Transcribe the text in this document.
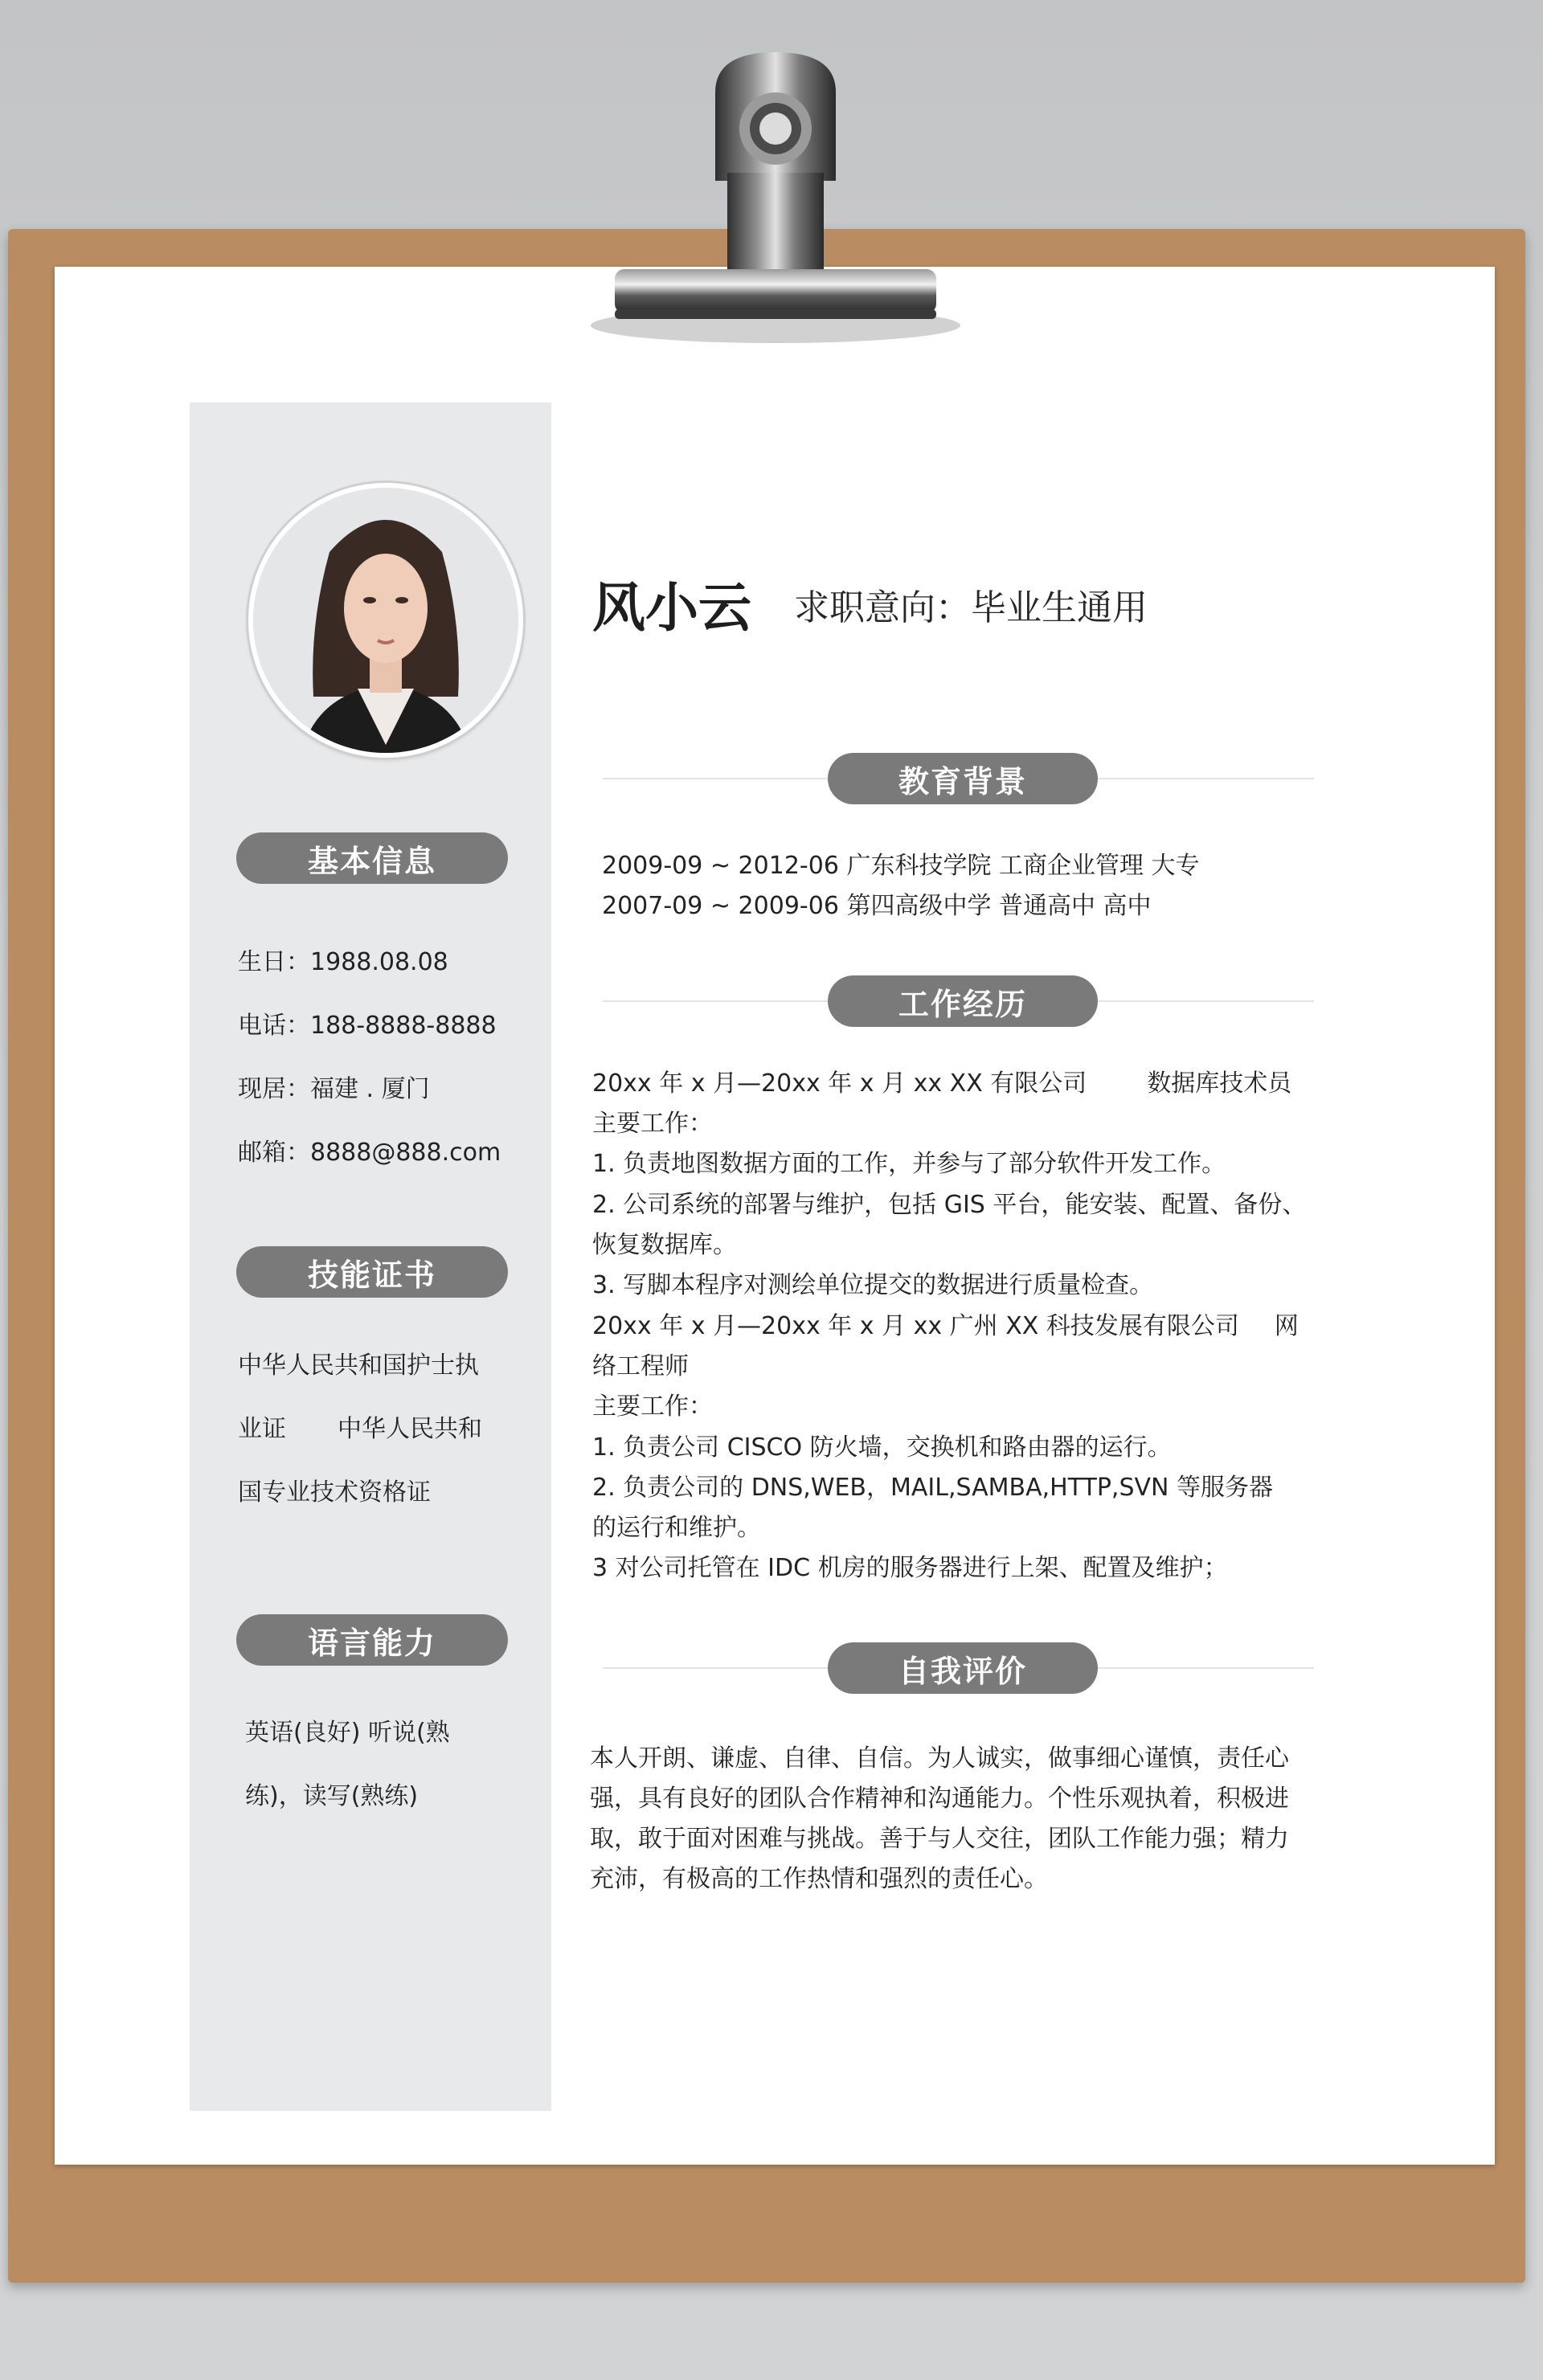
基本信息
生日：1988.08.08
电话：188-8888-8888
现居：福建 . 厦门
邮箱：8888@888.com
技能证书
中华人民共和国护士执
业证 中华人民共和
国专业技术资格证
语言能力
英语(良好) 听说(熟
练)，读写(熟练)
风小云 求职意向：毕业生通用
教育背景
2009-09 ~ 2012-06 广东科技学院 工商企业管理 大专
2007-09 ~ 2009-06 第四高级中学 普通高中 高中
工作经历
20xx 年 x 月—20xx 年 x 月 xx XX 有限公司	数据库技术员
主要工作：
1. 负责地图数据方面的工作，并参与了部分软件开发工作。
2. 公司系统的部署与维护，包括 GIS 平台，能安装、配置、备份、
恢复数据库。
3. 写脚本程序对测绘单位提交的数据进行质量检查。
20xx 年 x 月—20xx 年 x 月 xx 广州 XX 科技发展有限公司 网
络工程师
主要工作：
1. 负责公司 CISCO 防火墙，交换机和路由器的运行。
2. 负责公司的 DNS,WEB，MAIL,SAMBA,HTTP,SVN 等服务器
的运行和维护。
3 对公司托管在 IDC 机房的服务器进行上架、配置及维护；
自我评价
本人开朗、谦虚、自律、自信。为人诚实，做事细心谨慎，责任心
强，具有良好的团队合作精神和沟通能力。个性乐观执着，积极进
取，敢于面对困难与挑战。善于与人交往，团队工作能力强；精力
充沛，有极高的工作热情和强烈的责任心。
